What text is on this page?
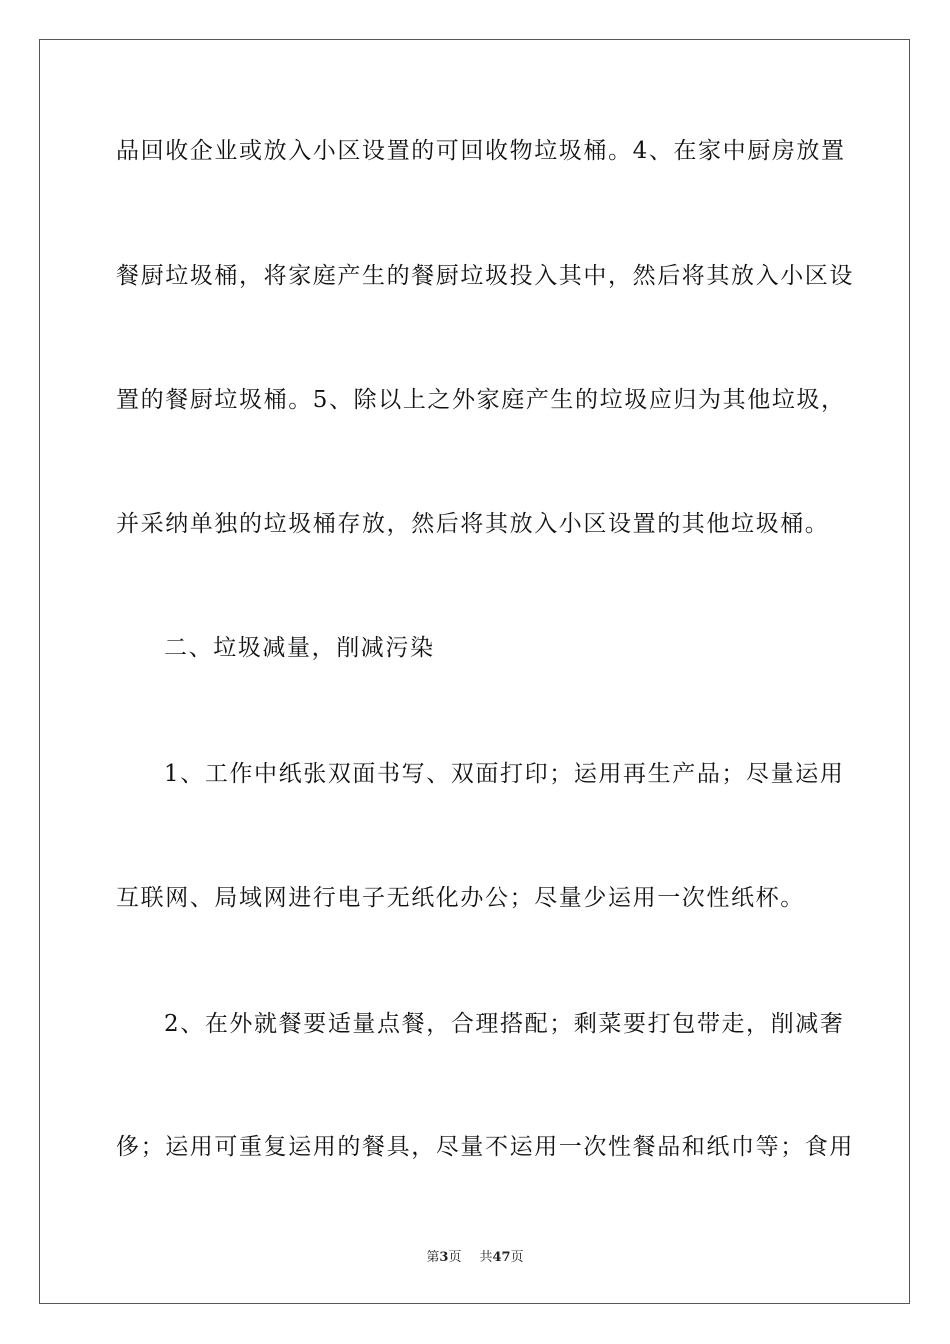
品回收企业或放入小区设置的可回收物垃圾桶。4、在家中厨房放置
餐厨垃圾桶，将家庭产生的餐厨垃圾投入其中，然后将其放入小区设
置的餐厨垃圾桶。5、除以上之外家庭产生的垃圾应归为其他垃圾，
并采纳单独的垃圾桶存放，然后将其放入小区设置的其他垃圾桶。
二、垃圾减量，削减污染
1、工作中纸张双面书写、双面打印；运用再生产品；尽量运用
互联网、局域网进行电子无纸化办公；尽量少运用一次性纸杯。
2、在外就餐要适量点餐，合理搭配；剩菜要打包带走，削减奢
侈；运用可重复运用的餐具，尽量不运用一次性餐品和纸巾等；食用
第3页 共47页
